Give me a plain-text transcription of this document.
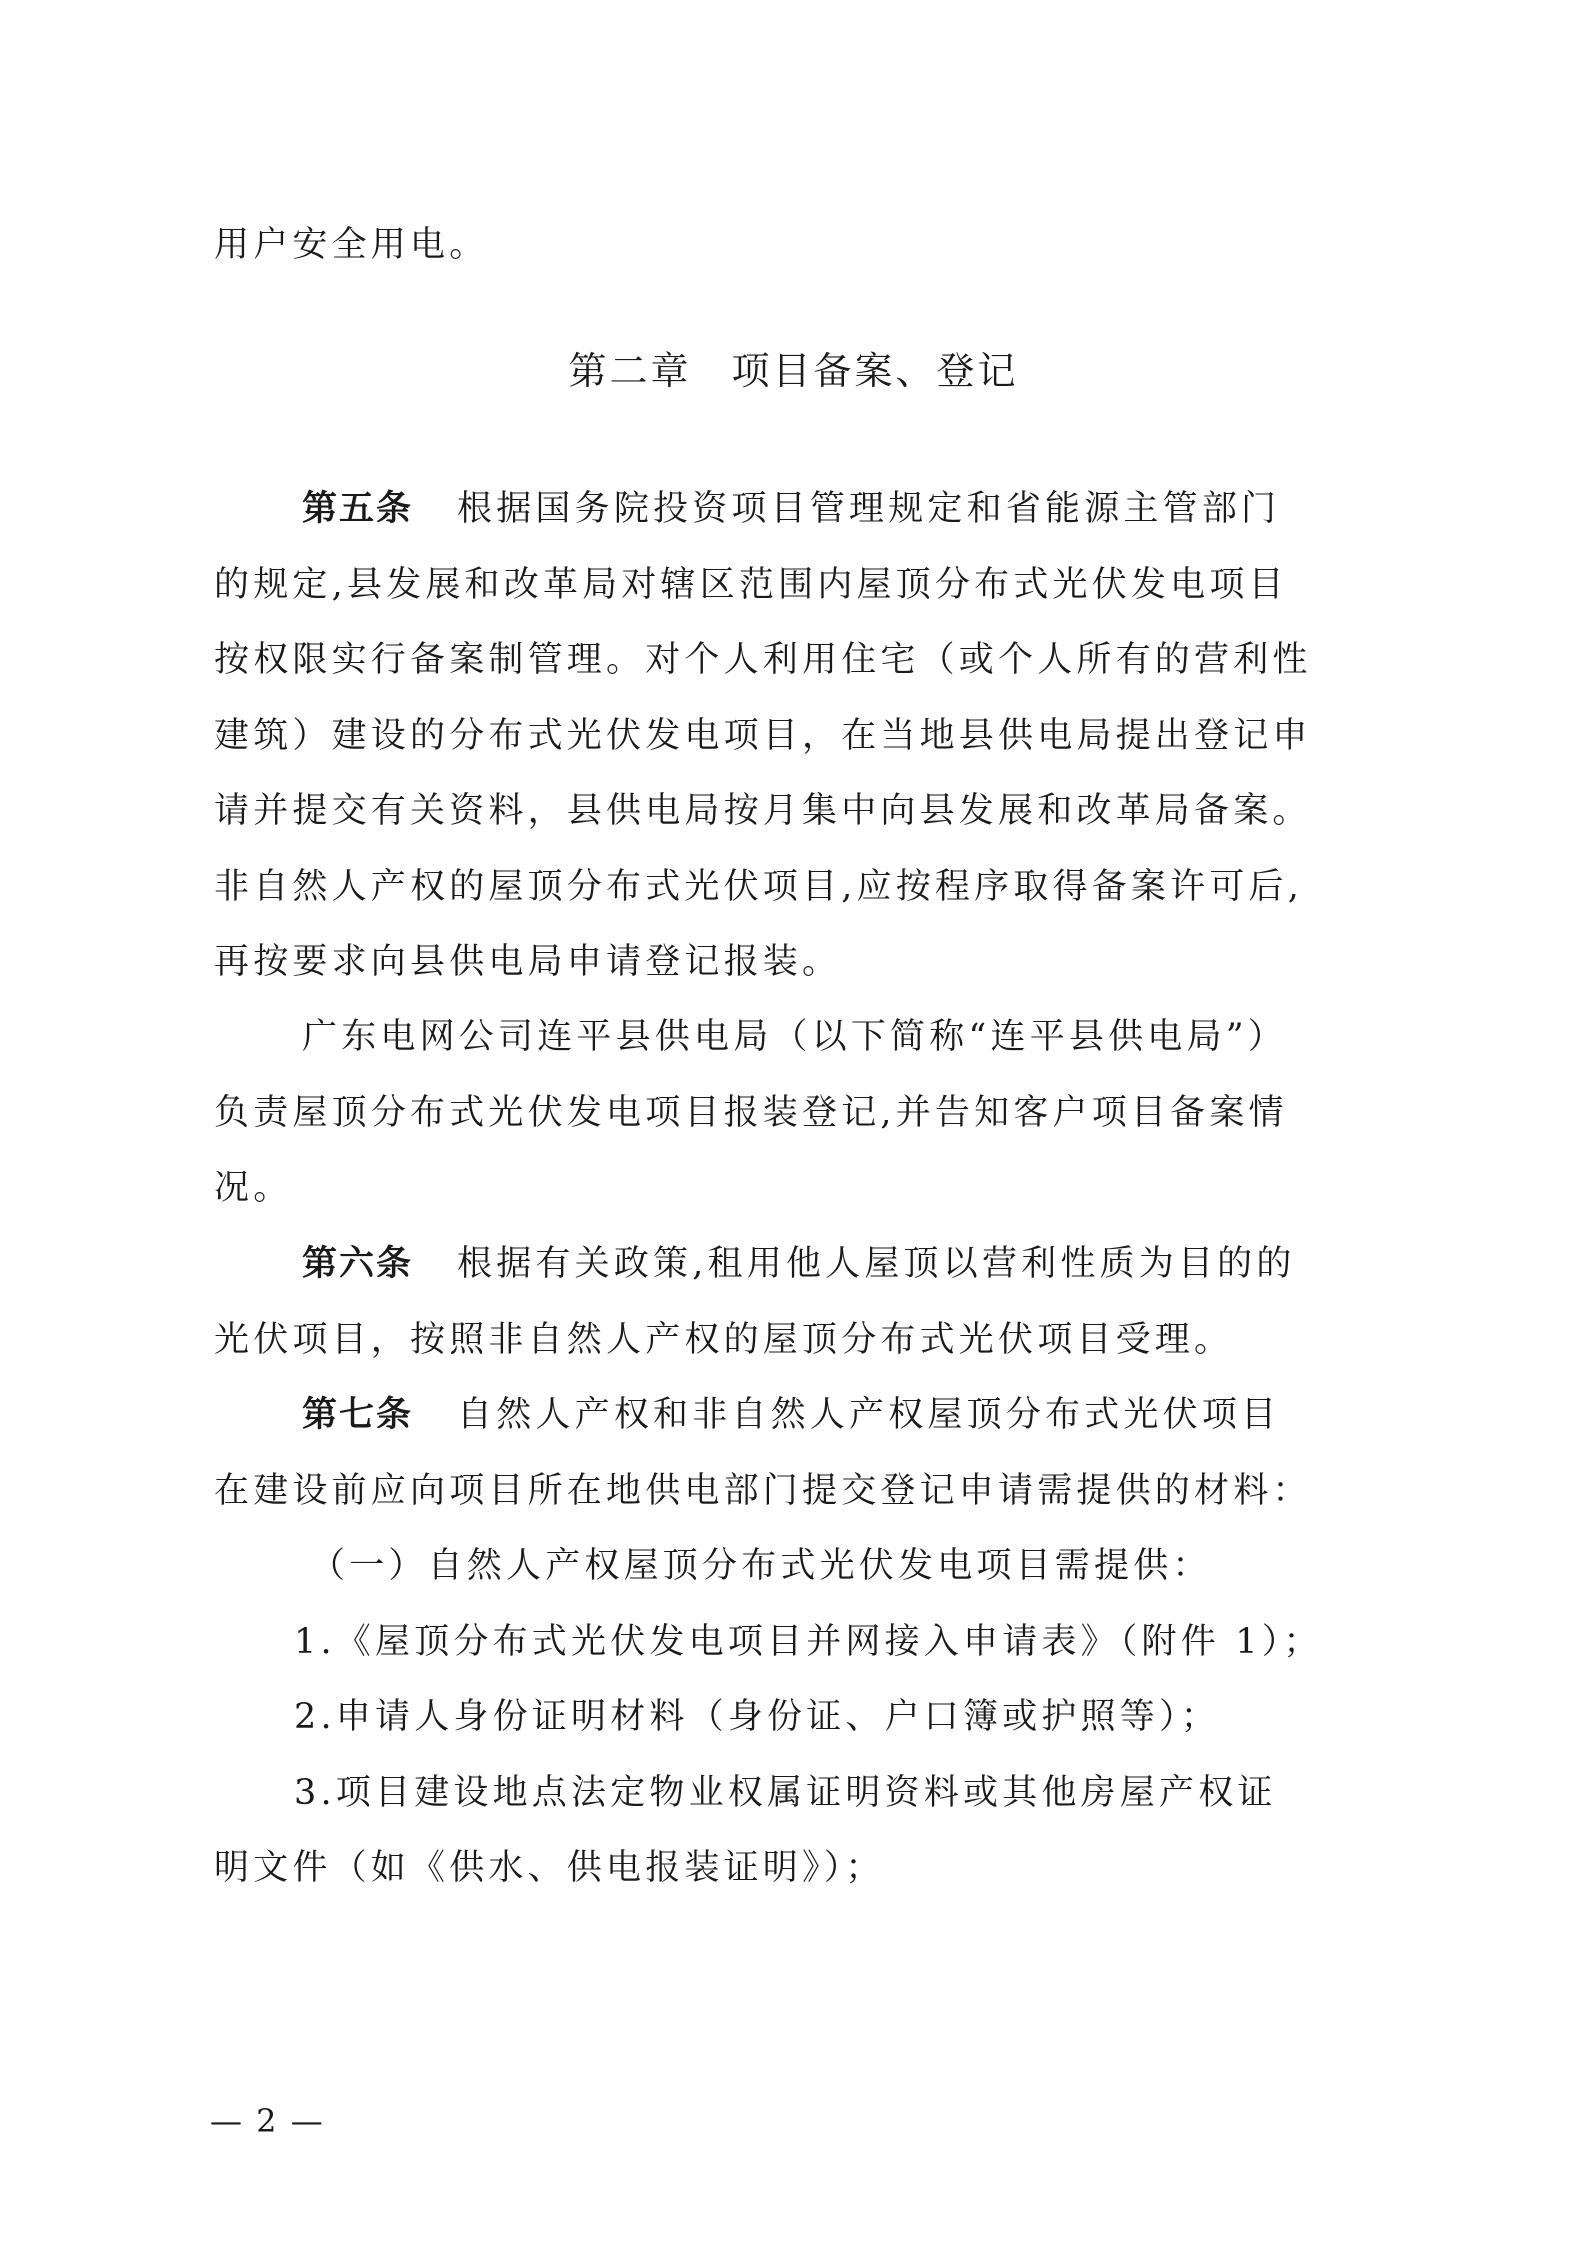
用户安全用电。
第二章 项目备案、登记
第五条 根据国务院投资项目管理规定和省能源主管部门
的规定,县发展和改革局对辖区范围内屋顶分布式光伏发电项目
按权限实行备案制管理。对个人利用住宅（或个人所有的营利性
建筑）建设的分布式光伏发电项目，在当地县供电局提出登记申
请并提交有关资料，县供电局按月集中向县发展和改革局备案。
非自然人产权的屋顶分布式光伏项目,应按程序取得备案许可后,
再按要求向县供电局申请登记报装。
广东电网公司连平县供电局（以下简称“连平县供电局”）
负责屋顶分布式光伏发电项目报装登记,并告知客户项目备案情
况。
第六条 根据有关政策,租用他人屋顶以营利性质为目的的
光伏项目，按照非自然人产权的屋顶分布式光伏项目受理。
第七条 自然人产权和非自然人产权屋顶分布式光伏项目
在建设前应向项目所在地供电部门提交登记申请需提供的材料：
（一）自然人产权屋顶分布式光伏发电项目需提供：
1.《屋顶分布式光伏发电项目并网接入申请表》（附件 1）；
2.申请人身份证明材料（身份证、户口簿或护照等）；
3.项目建设地点法定物业权属证明资料或其他房屋产权证
明文件（如《供水、供电报装证明》）；
— 2 —
